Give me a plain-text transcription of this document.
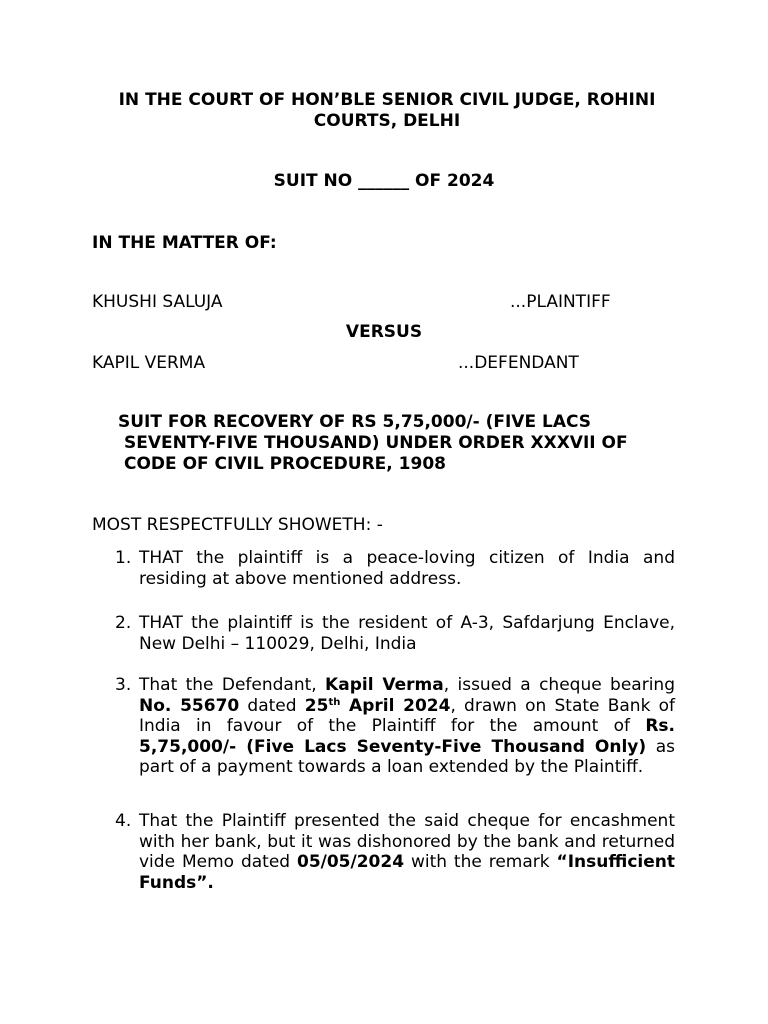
IN THE COURT OF HON’BLE SENIOR CIVIL JUDGE, ROHINI
COURTS, DELHI
SUIT NO ______ OF 2024
IN THE MATTER OF:
KHUSHI SALUJA	...PLAINTIFF
VERSUS
KAPIL VERMA	...DEFENDANT
SUIT FOR RECOVERY OF RS 5,75,000/- (FIVE LACS
SEVENTY-FIVE THOUSAND) UNDER ORDER XXXVII OF
CODE OF CIVIL PROCEDURE, 1908
MOST RESPECTFULLY SHOWETH: -
1. THAT the plaintiff is a peace-loving citizen of India and residing at above mentioned address.
2. THAT the plaintiff is the resident of A-3, Safdarjung Enclave, New Delhi – 110029, Delhi, India
3. That the Defendant, Kapil Verma, issued a cheque bearing No. 55670 dated 25th April 2024, drawn on State Bank of India in favour of the Plaintiff for the amount of Rs. 5,75,000/- (Five Lacs Seventy-Five Thousand Only) as part of a payment towards a loan extended by the Plaintiff.
4. That the Plaintiff presented the said cheque for encashment with her bank, but it was dishonored by the bank and returned vide Memo dated 05/05/2024 with the remark “Insufficient Funds”.
